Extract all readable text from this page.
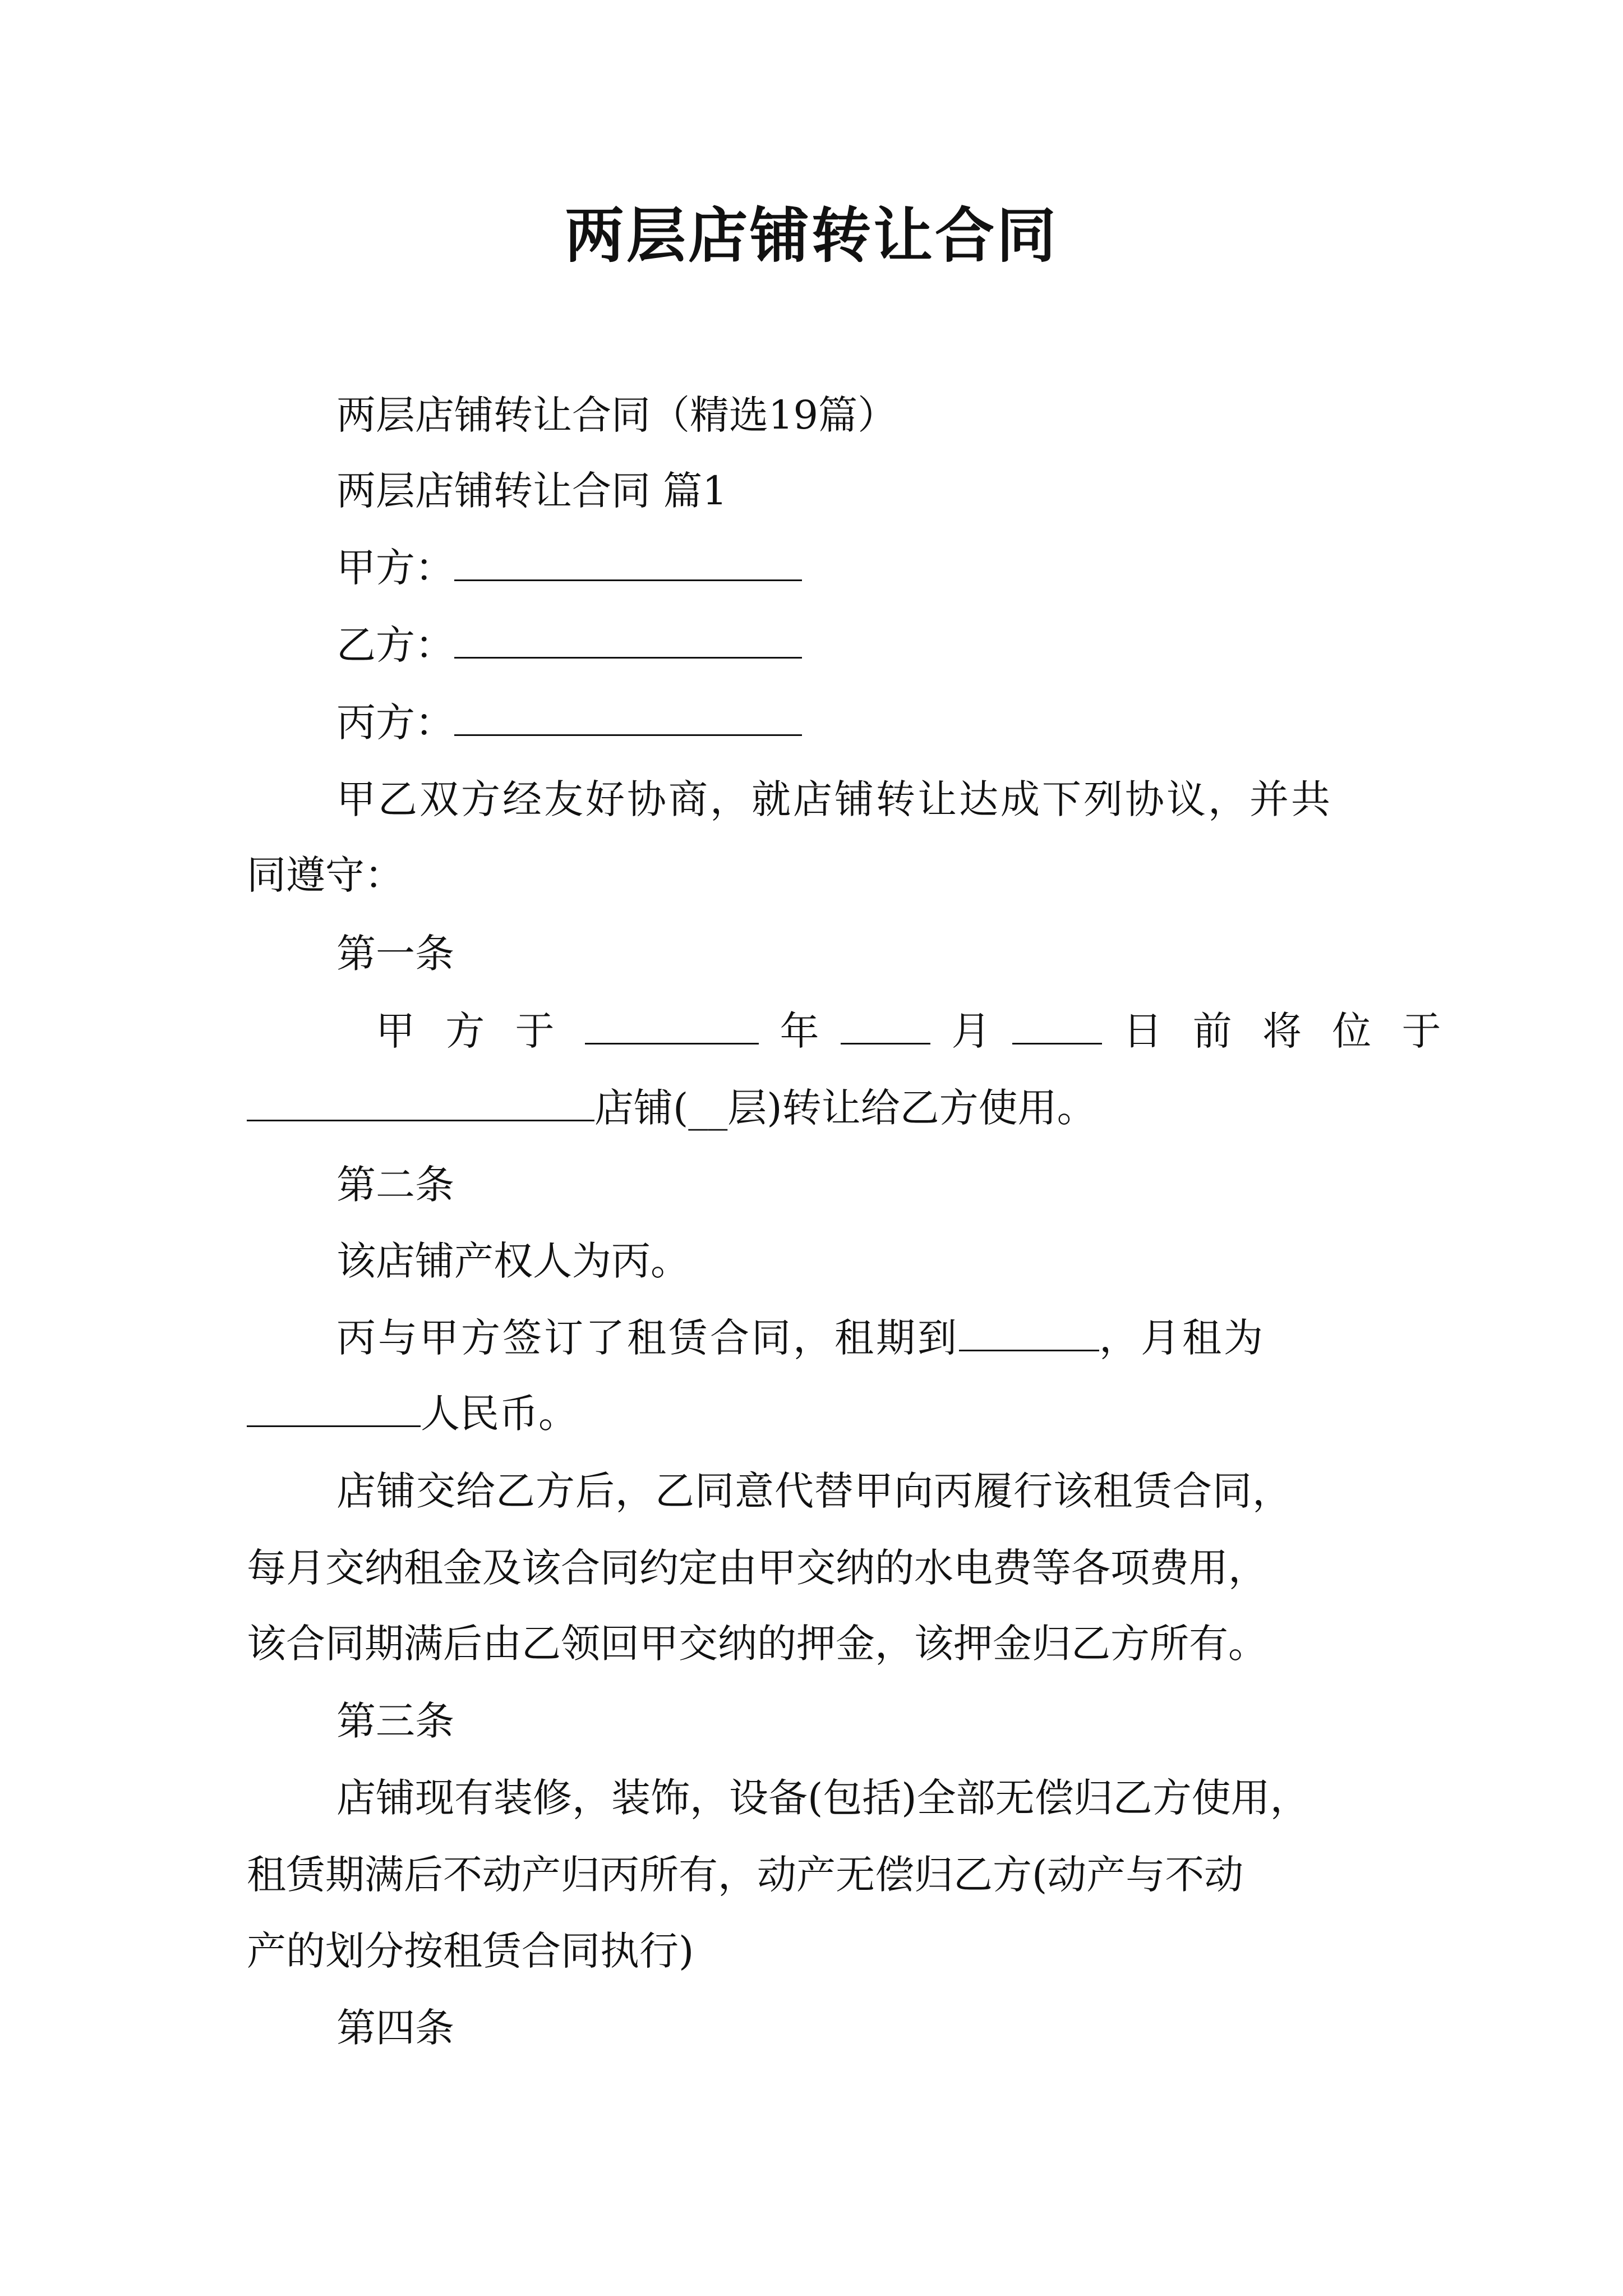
两层店铺转让合同
两层店铺转让合同（精选19篇）
两层店铺转让合同 篇1
甲方：
乙方：
丙方：
甲乙双方经友好协商，就店铺转让达成下列协议，并共
同遵守：
第一条
甲 方 于	年	月	日 前 将 位 于
店铺(__层)转让给乙方使用。
第二条
该店铺产权人为丙。
丙与甲方签订了租赁合同，租期到	，月租为
人民币。
店铺交给乙方后，乙同意代替甲向丙履行该租赁合同，
每月交纳租金及该合同约定由甲交纳的水电费等各项费用，
该合同期满后由乙领回甲交纳的押金，该押金归乙方所有。
第三条
店铺现有装修，装饰，设备(包括)全部无偿归乙方使用，
租赁期满后不动产归丙所有，动产无偿归乙方(动产与不动
产的划分按租赁合同执行)
第四条
